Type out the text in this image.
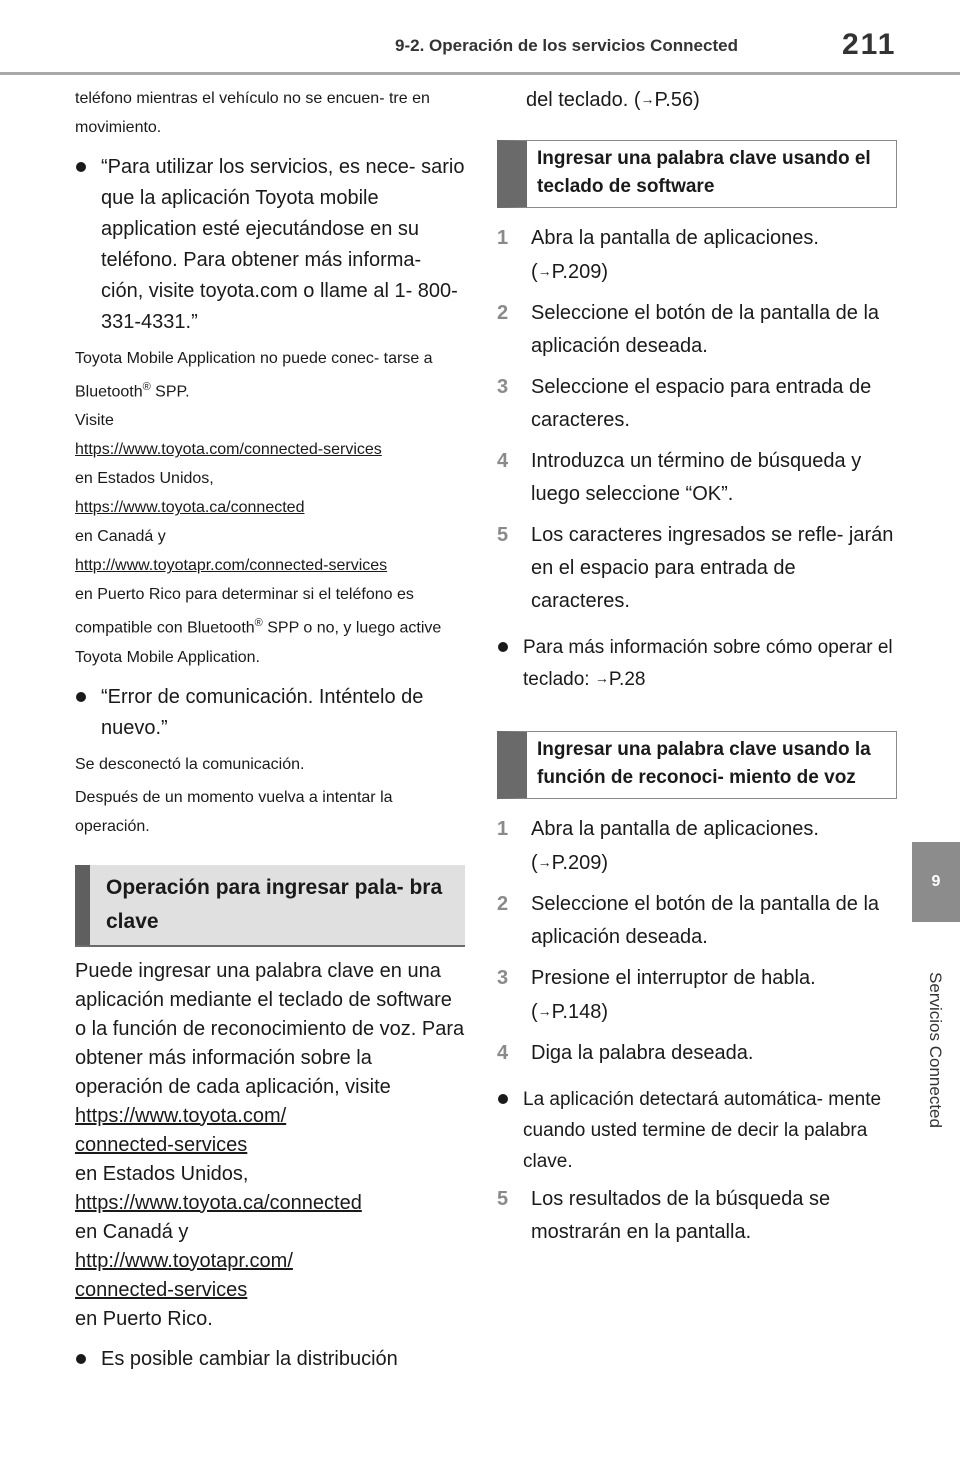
9-2. Operación de los servicios Connected	211
9
Servicios Connected

teléfono mientras el vehículo no se encuen- tre en movimiento.

“Para utilizar los servicios, es nece- sario que la aplicación Toyota mobile application esté ejecutándose en su teléfono. Para obtener más informa- ción, visite toyota.com o llame al 1- 800-331-4331.”

Toyota Mobile Application no puede conec- tarse a Bluetooth® SPP.

Visite

https://www.toyota.com/connected-services

en Estados Unidos,

https://www.toyota.ca/connected

en Canadá y

http://www.toyotapr.com/connected-services

en Puerto Rico para determinar si el teléfono es compatible con Bluetooth® SPP o no, y luego active Toyota Mobile Application.

“Error de comunicación. Inténtelo de nuevo.”

Se desconectó la comunicación.

Después de un momento vuelva a intentar la operación.

Operación para ingresar pala- bra clave

Puede ingresar una palabra clave en una aplicación mediante el teclado de software o la función de reconocimiento de voz. Para obtener más información sobre la operación de cada aplicación, visite

https://www.toyota.com/

connected-services

en Estados Unidos,

https://www.toyota.ca/connected

en Canadá y

http://www.toyotapr.com/

connected-services

en Puerto Rico.

Es posible cambiar la distribución

del teclado. (→P.56)

Ingresar una palabra clave usando el teclado de software
1	Abra la pantalla de aplicaciones.
(→P.209)
2	Seleccione el botón de la pantalla de la aplicación deseada.
3	Seleccione el espacio para entrada de caracteres.
4	Introduzca un término de búsqueda y luego seleccione “OK”.
5	Los caracteres ingresados se refle- jarán en el espacio para entrada de caracteres.

Para más información sobre cómo operar el teclado: →P.28

Ingresar una palabra clave usando la función de reconoci- miento de voz
1	Abra la pantalla de aplicaciones.
(→P.209)
2	Seleccione el botón de la pantalla de la aplicación deseada.
3	Presione el interruptor de habla.
(→P.148)
4	Diga la palabra deseada.

La aplicación detectará automática- mente cuando usted termine de decir la palabra clave.

5	Los resultados de la búsqueda se mostrarán en la pantalla.
